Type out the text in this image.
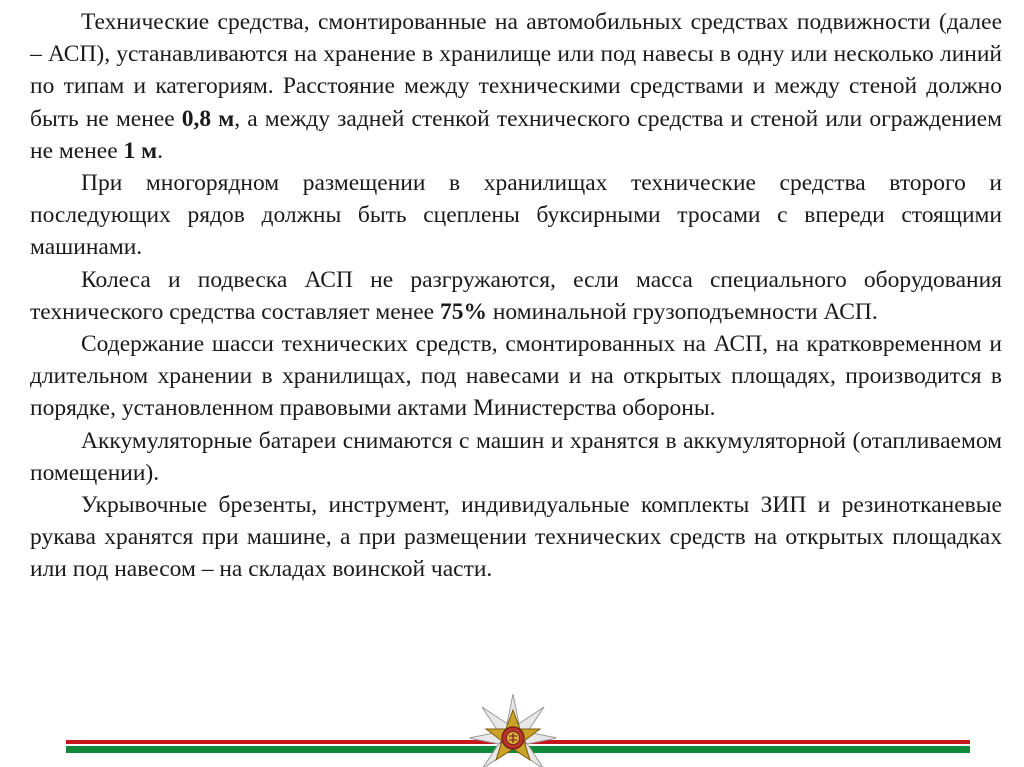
Технические средства, смонтированные на автомобильных средствах подвижности (далее – АСП), устанавливаются на хранение в хранилище или под навесы в одну или несколько линий по типам и категориям. Расстояние между техническими средствами и между стеной должно быть не менее 0,8 м, а между задней стенкой технического средства и стеной или ограждением не менее 1 м.

При многорядном размещении в хранилищах технические средства второго и последующих рядов должны быть сцеплены буксирными тросами с впереди стоящими машинами.

Колеса и подвеска АСП не разгружаются, если масса специального оборудования технического средства составляет менее 75% номинальной грузоподъемности АСП.

Содержание шасси технических средств, смонтированных на АСП, на кратковременном и длительном хранении в хранилищах, под навесами и на открытых площадях, производится в порядке, установленном правовыми актами Министерства обороны.

Аккумуляторные батареи снимаются с машин и хранятся в аккумуляторной (отапливаемом помещении).

Укрывочные брезенты, инструмент, индивидуальные комплекты ЗИП и резинотканевые рукава хранятся при машине, а при размещении технических средств на открытых площадках или под навесом – на складах воинской части.
